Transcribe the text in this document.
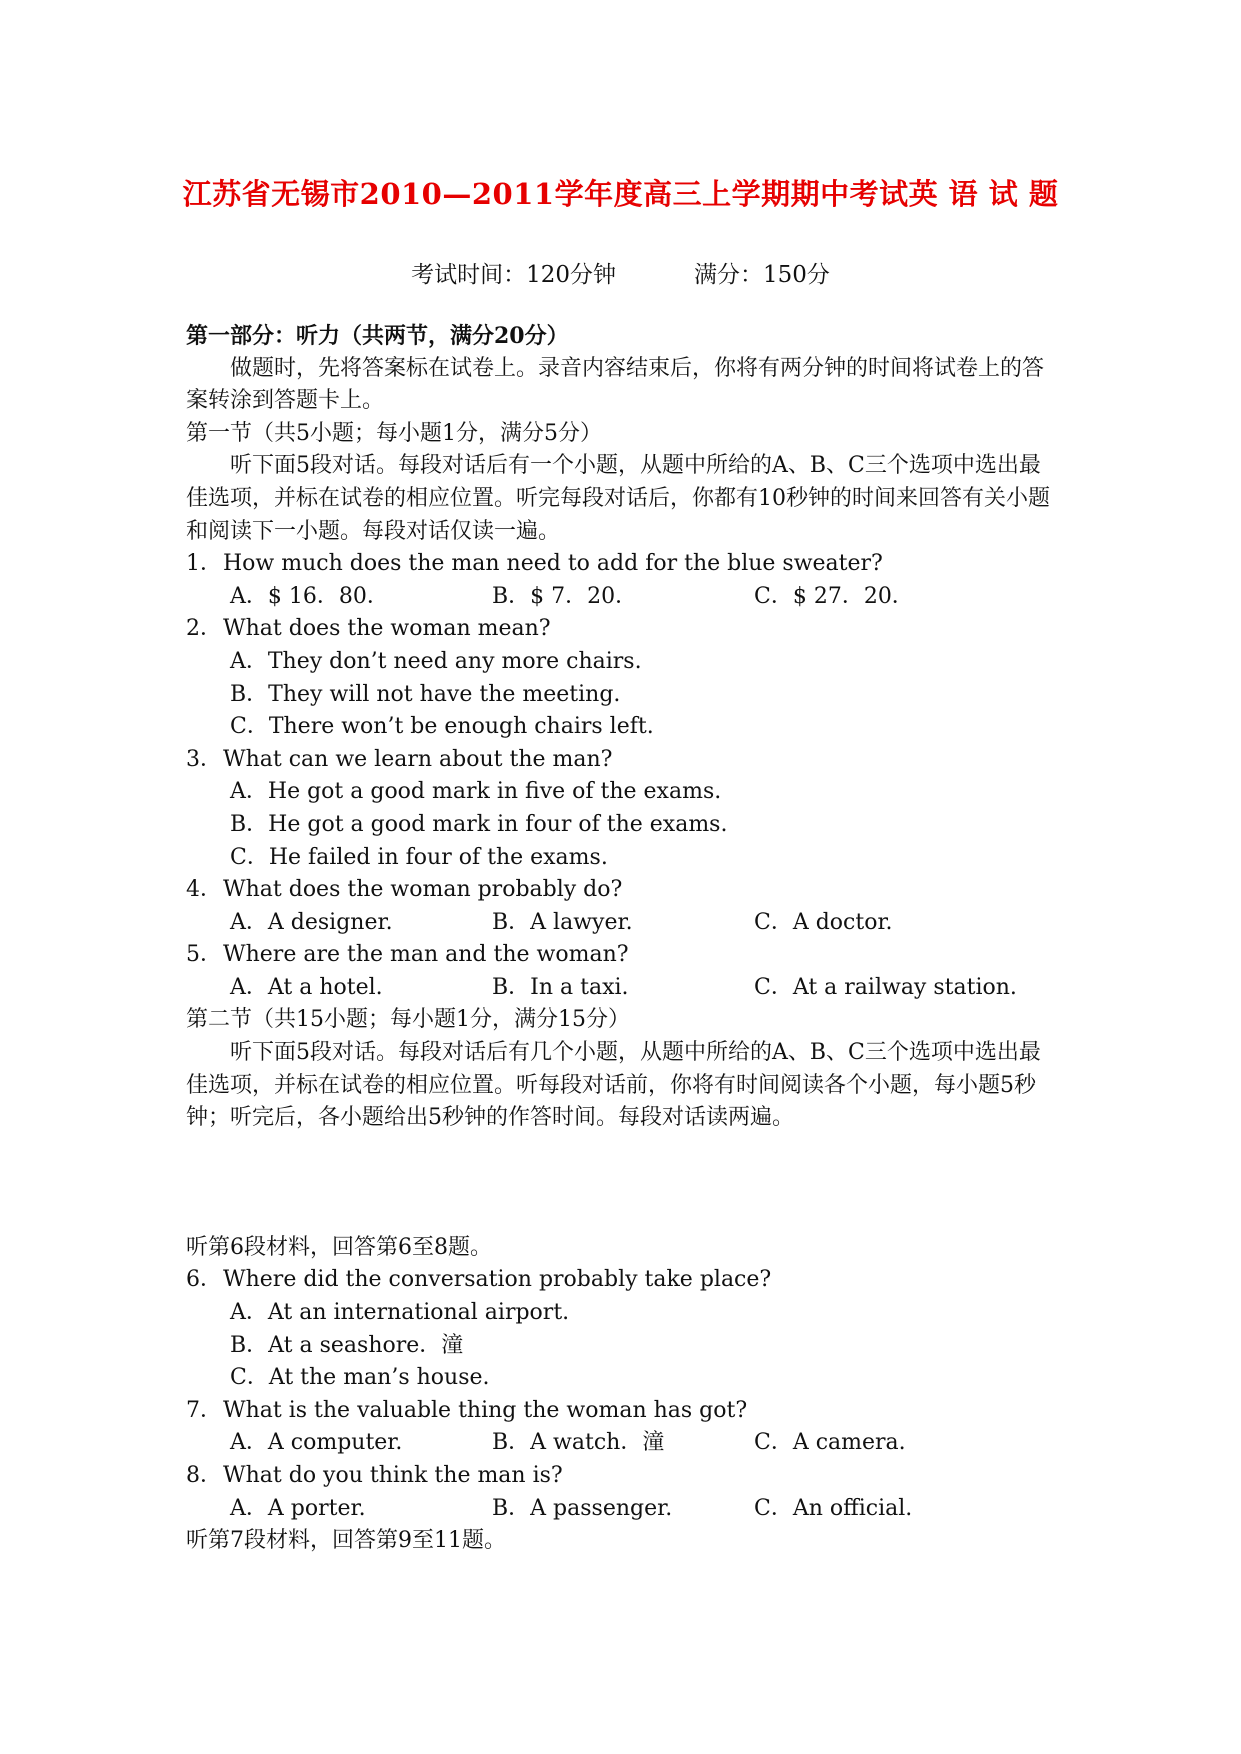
江苏省无锡市2010—2011学年度高三上学期期中考试英 语 试 题
考试时间：120分钟	满分：150分
第一部分：听力（共两节，满分20分）
做题时，先将答案标在试卷上。录音内容结束后，你将有两分钟的时间将试卷上的答案转涂到答题卡上。
第一节（共5小题；每小题1分，满分5分）
听下面5段对话。每段对话后有一个小题，从题中所给的A、B、C三个选项中选出最佳选项，并标在试卷的相应位置。听完每段对话后，你都有10秒钟的时间来回答有关小题和阅读下一小题。每段对话仅读一遍。
1．How much does the man need to add for the blue sweater?
A．$ 16．80．	B．$ 7．20．	C．$ 27．20．
2．What does the woman mean?
A．They don’t need any more chairs.
B．They will not have the meeting.
C．There won’t be enough chairs left.
3．What can we learn about the man?
A．He got a good mark in five of the exams.
B．He got a good mark in four of the exams.
C．He failed in four of the exams.
4．What does the woman probably do?
A．A designer.	B．A lawyer.	C．A doctor.
5．Where are the man and the woman?
A．At a hotel.	B．In a taxi.	C．At a railway station.
第二节（共15小题；每小题1分，满分15分）
听下面5段对话。每段对话后有几个小题，从题中所给的A、B、C三个选项中选出最佳选项，并标在试卷的相应位置。听每段对话前，你将有时间阅读各个小题，每小题5秒钟；听完后，各小题给出5秒钟的作答时间。每段对话读两遍。
听第6段材料，回答第6至8题。
6．Where did the conversation probably take place?
A．At an international airport.
B．At a seashore．潼
C．At the man’s house.
7．What is the valuable thing the woman has got?
A．A computer.	B．A watch．潼	C．A camera.
8．What do you think the man is?
A．A porter.	B．A passenger.	C．An official.
听第7段材料，回答第9至11题。
